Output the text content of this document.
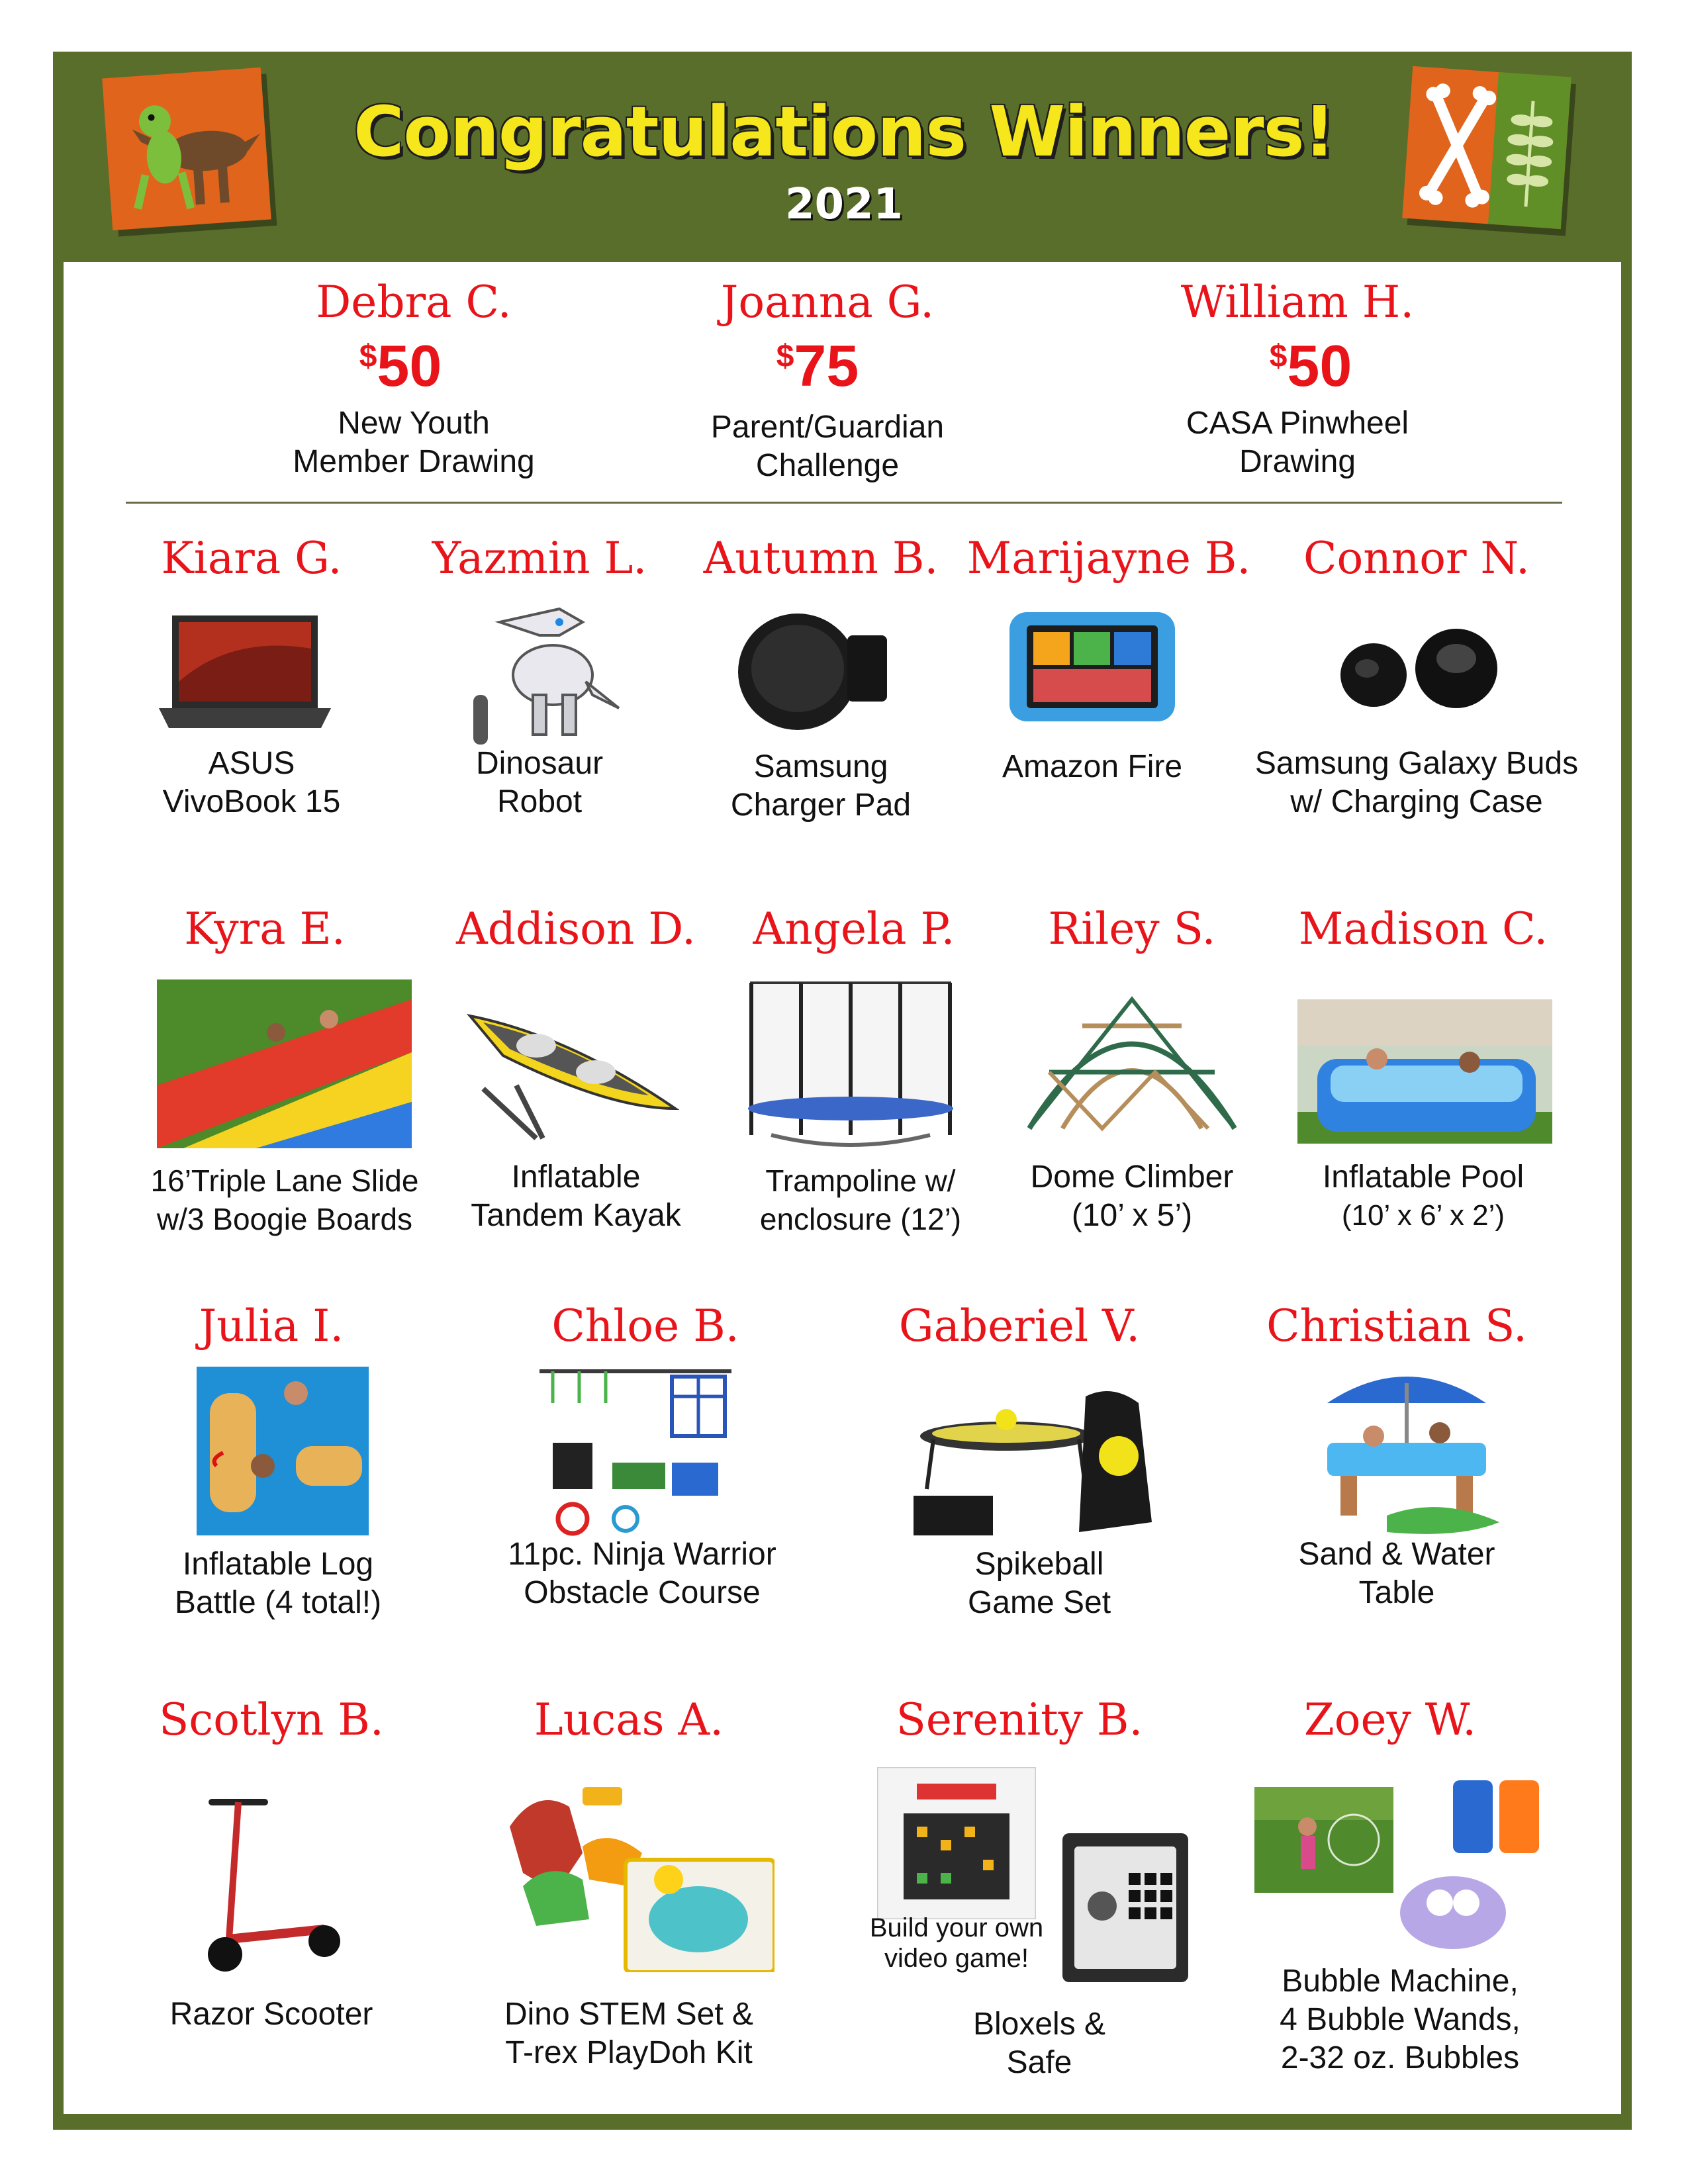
Congratulations Winners!
2021
Debra C.
$50
New Youth
Member Drawing
Joanna G.
$75
Parent/Guardian
Challenge
William H.
$50
CASA Pinwheel
Drawing
Kiara G.
ASUS
VivoBook 15
Yazmin L.
Dinosaur
Robot
Autumn B.
Samsung
Charger Pad
Marijayne B.
Amazon Fire
Connor N.
Samsung Galaxy Buds
w/ Charging Case
Kyra E.
16’Triple Lane Slide
w/3 Boogie Boards
Addison D.
Inflatable
Tandem Kayak
Angela P.
Trampoline w/
enclosure (12’)
Riley S.
Dome Climber
(10’ x 5’)
Madison C.
Inflatable Pool
(10’ x 6’ x 2’)
Julia I.
Inflatable Log
Battle (4 total!)
Chloe B.
11pc. Ninja Warrior
Obstacle Course
Gaberiel V.
Spikeball
Game Set
Christian S.
Sand & Water
Table
Scotlyn B.
Razor Scooter
Lucas A.
Dino STEM Set &
T-rex PlayDoh Kit
Serenity B.
Build your own
video game!
Bloxels &
Safe
Zoey W.
Bubble Machine,
4 Bubble Wands,
2-32 oz. Bubbles
